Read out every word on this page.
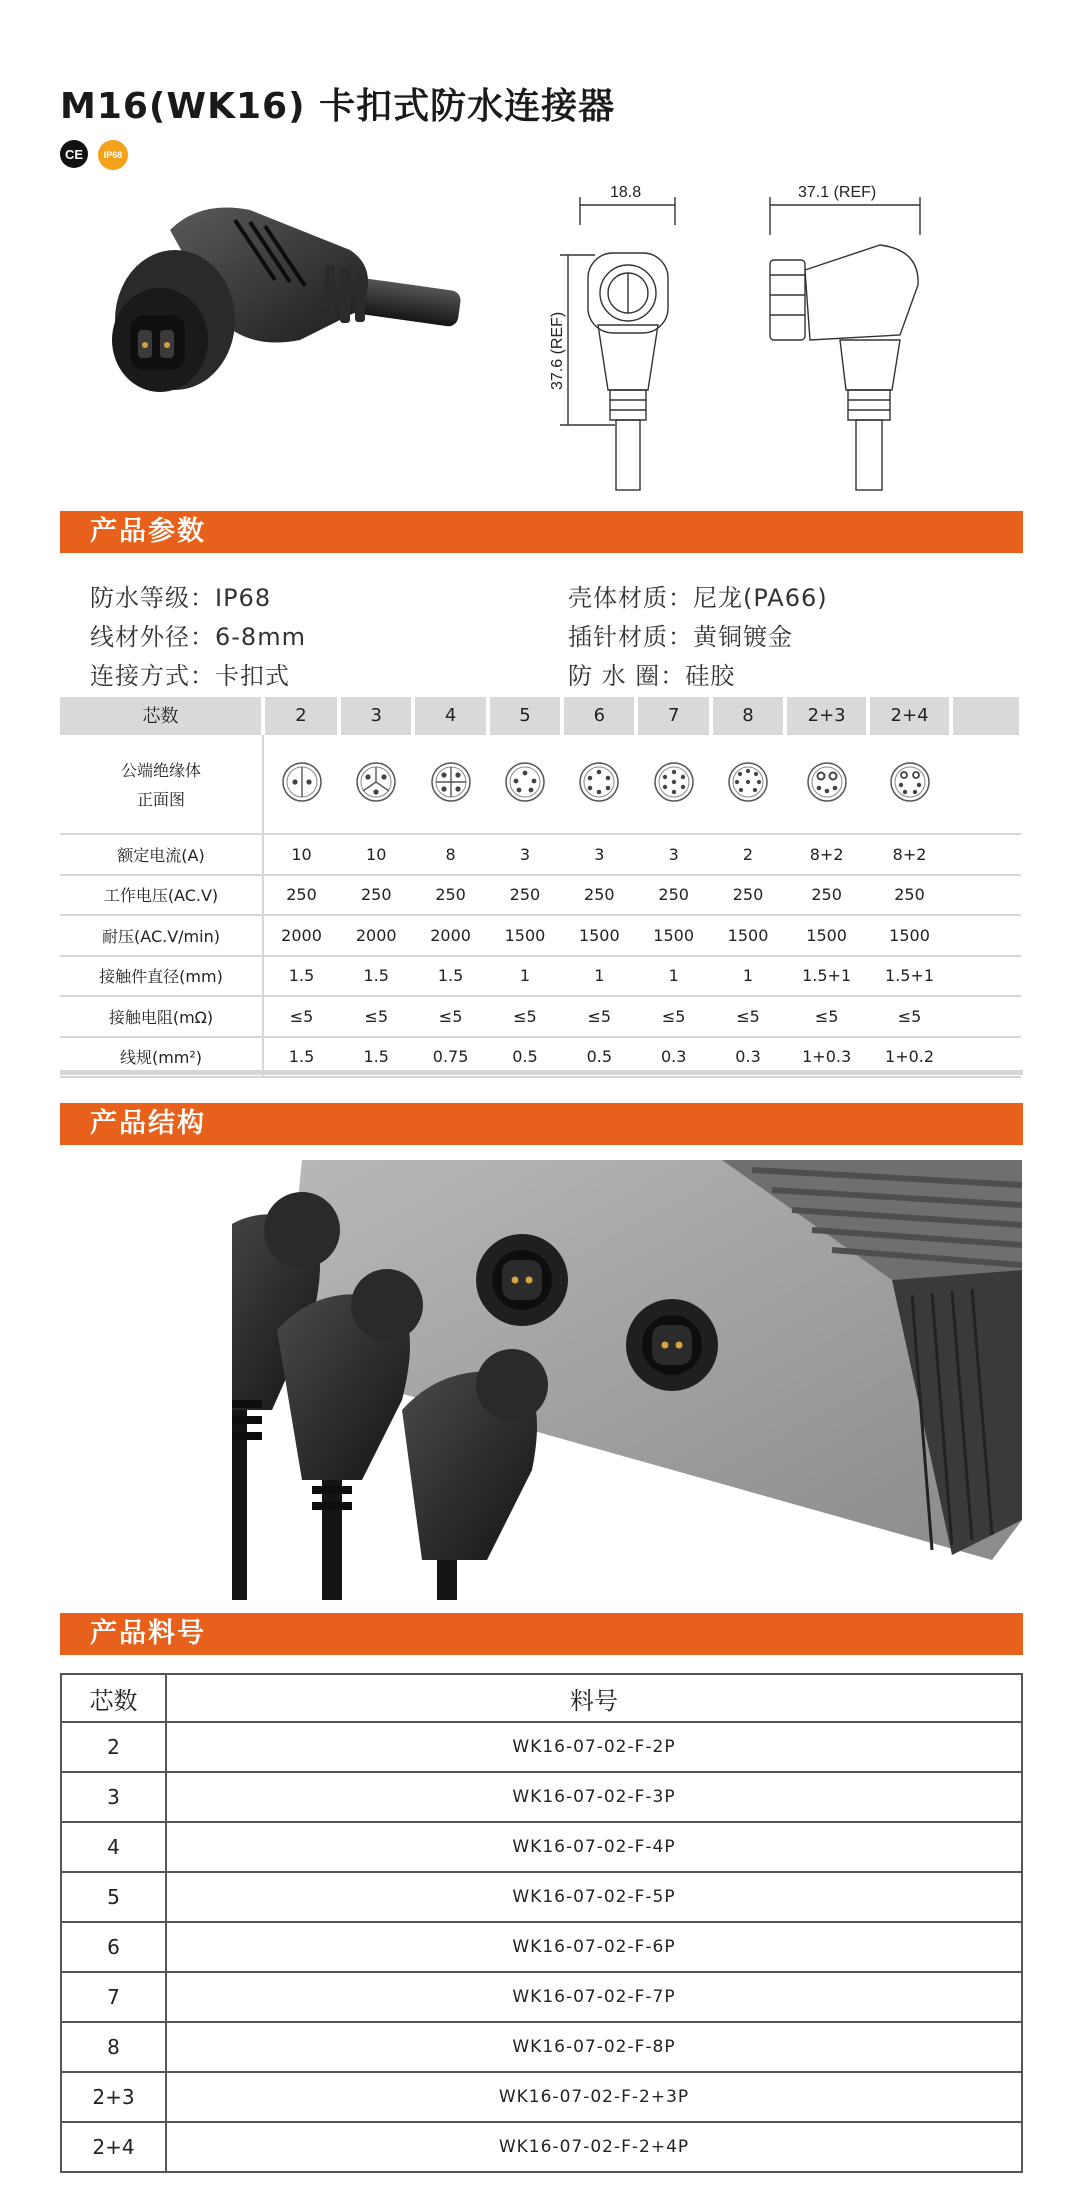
M16(WK16) 卡扣式防水连接器
CE	IP68
18.8	37.1 (REF)
37.6 (REF)
产品参数
防水等级：IP68
线材外径：6-8mm
连接方式：卡扣式
壳体材质：尼龙(PA66)
插针材质：黄铜镀金
防 水 圈：硅胶
芯数	2	3	4	5	6	7	8	2+3	2+4	

公端绝缘体
正面图

额定电流(A)	10	10	8	3	3	3	2	8+2	8+2	
工作电压(AC.V)	250	250	250	250	250	250	250	250	250	
耐压(AC.V/min)	2000	2000	2000	1500	1500	1500	1500	1500	1500	
接触件直径(mm)	1.5	1.5	1.5	1	1	1	1	1.5+1	1.5+1	
接触电阻(mΩ)	≤5	≤5	≤5	≤5	≤5	≤5	≤5	≤5	≤5	
线规(mm²)	1.5	1.5	0.75	0.5	0.5	0.3	0.3	1+0.3	1+0.2	
产品结构
产品料号
芯数	料号
2	WK16-07-02-F-2P
3	WK16-07-02-F-3P
4	WK16-07-02-F-4P
5	WK16-07-02-F-5P
6	WK16-07-02-F-6P
7	WK16-07-02-F-7P
8	WK16-07-02-F-8P
2+3	WK16-07-02-F-2+3P
2+4	WK16-07-02-F-2+4P
